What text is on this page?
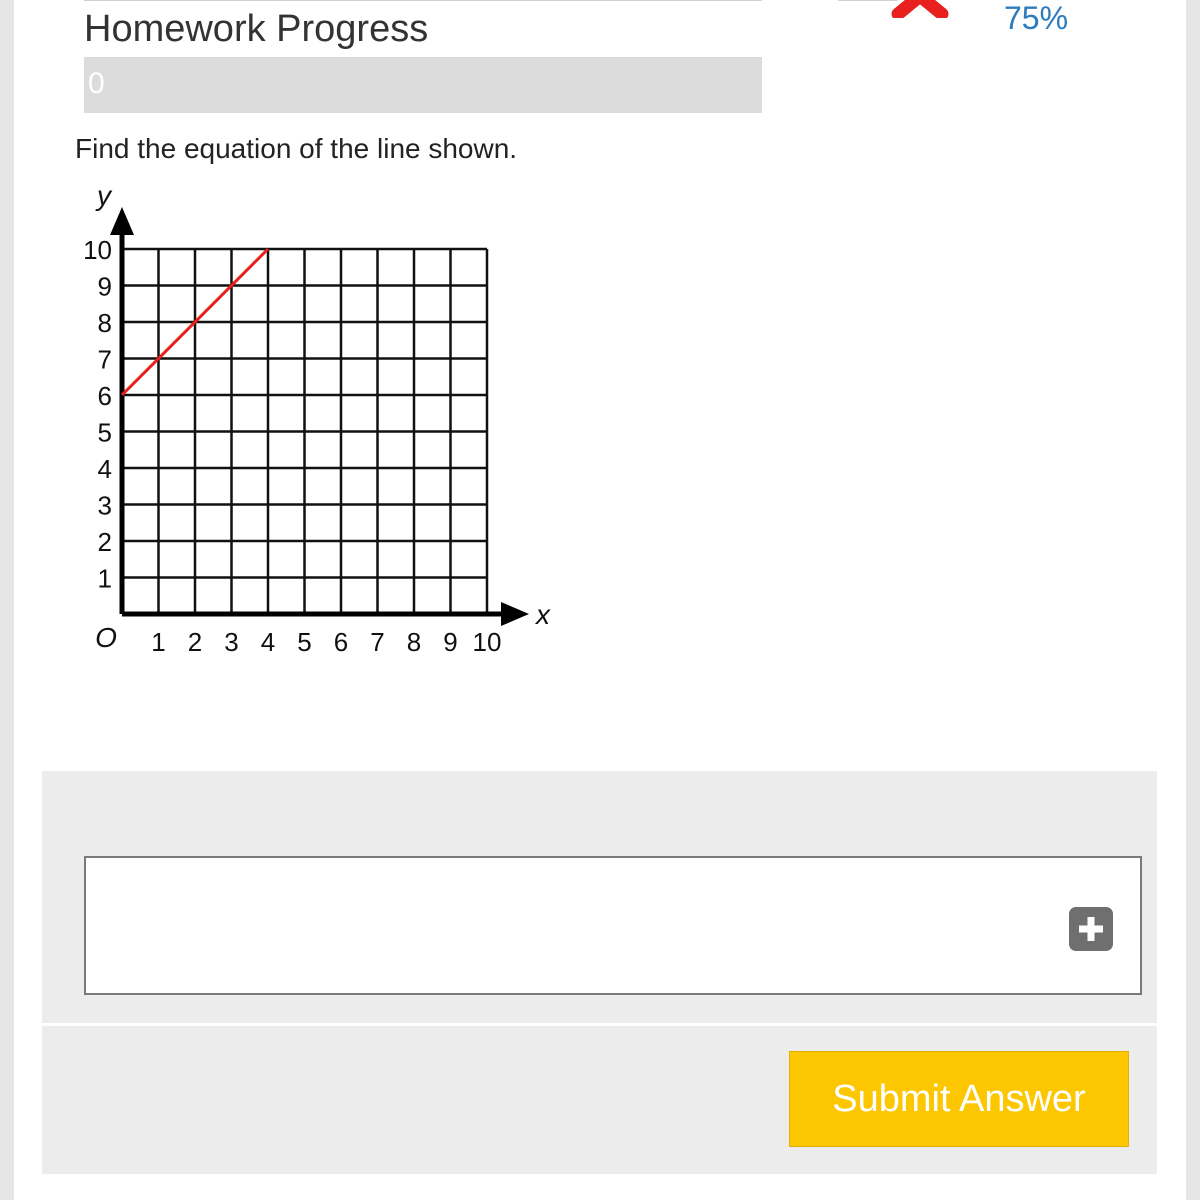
Homework Progress
0
75%
Find the equation of the line shown.
1 2 3 4 5 6 7 8 9 10
1
2
3
4
5
6
7
8
9
10
O
x
y
Submit Answer
